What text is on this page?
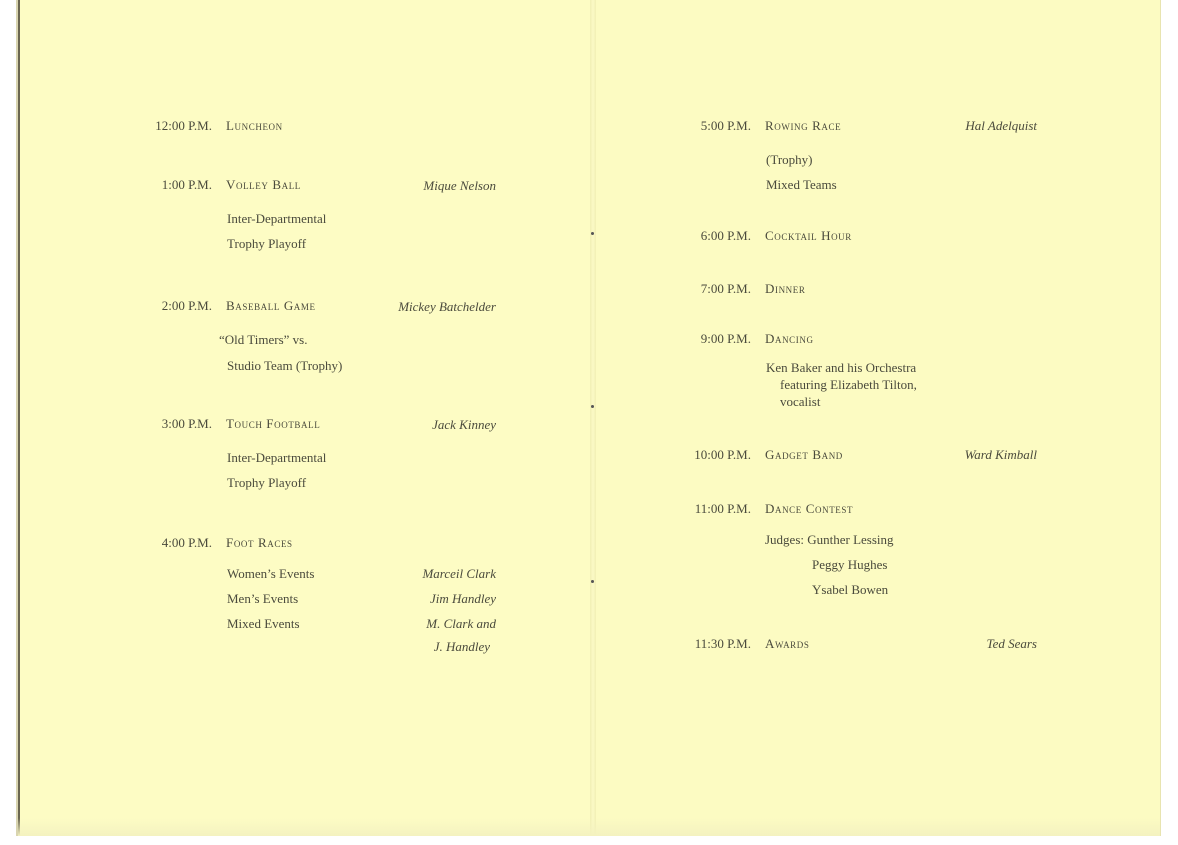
12:00 P.M. Luncheon
1:00 P.M. Volley Ball	Mique Nelson
Inter-Departmental
Trophy Playoff
2:00 P.M. Baseball Game	Mickey Batchelder
“Old Timers” vs.
Studio Team (Trophy)
3:00 P.M. Touch Football	Jack Kinney
Inter-Departmental
Trophy Playoff
4:00 P.M. Foot Races
Women’s Events	Marceil Clark
Men’s Events	Jim Handley
Mixed Events	M. Clark and
J. Handley
5:00 P.M. Rowing Race	Hal Adelquist
(Trophy)
Mixed Teams
6:00 P.M. Cocktail Hour
7:00 P.M. Dinner
9:00 P.M. Dancing
Ken Baker and his Orchestra
featuring Elizabeth Tilton,
vocalist
10:00 P.M. Gadget Band	Ward Kimball
11:00 P.M. Dance Contest
Judges: Gunther Lessing
Peggy Hughes
Ysabel Bowen
11:30 P.M. Awards	Ted Sears
